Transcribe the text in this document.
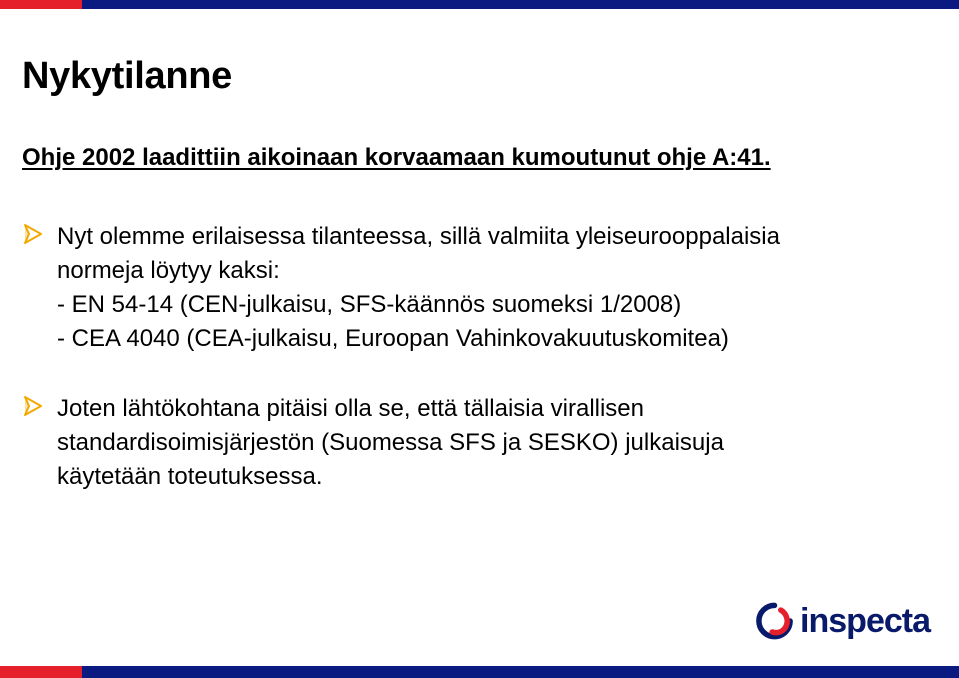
Nykytilanne

Ohje 2002 laadittiin aikoinaan korvaamaan kumoutunut ohje A:41.

Nyt olemme erilaisessa tilanteessa, sillä valmiita yleiseurooppalaisia
normeja löytyy kaksi:
- EN 54-14 (CEN-julkaisu, SFS-käännös suomeksi 1/2008)
- CEA 4040 (CEA-julkaisu, Euroopan Vahinkovakuutuskomitea)
Joten lähtökohtana pitäisi olla se, että tällaisia virallisen
standardisoimisjärjestön (Suomessa SFS ja SESKO) julkaisuja
käytetään toteutuksessa.
inspecta
